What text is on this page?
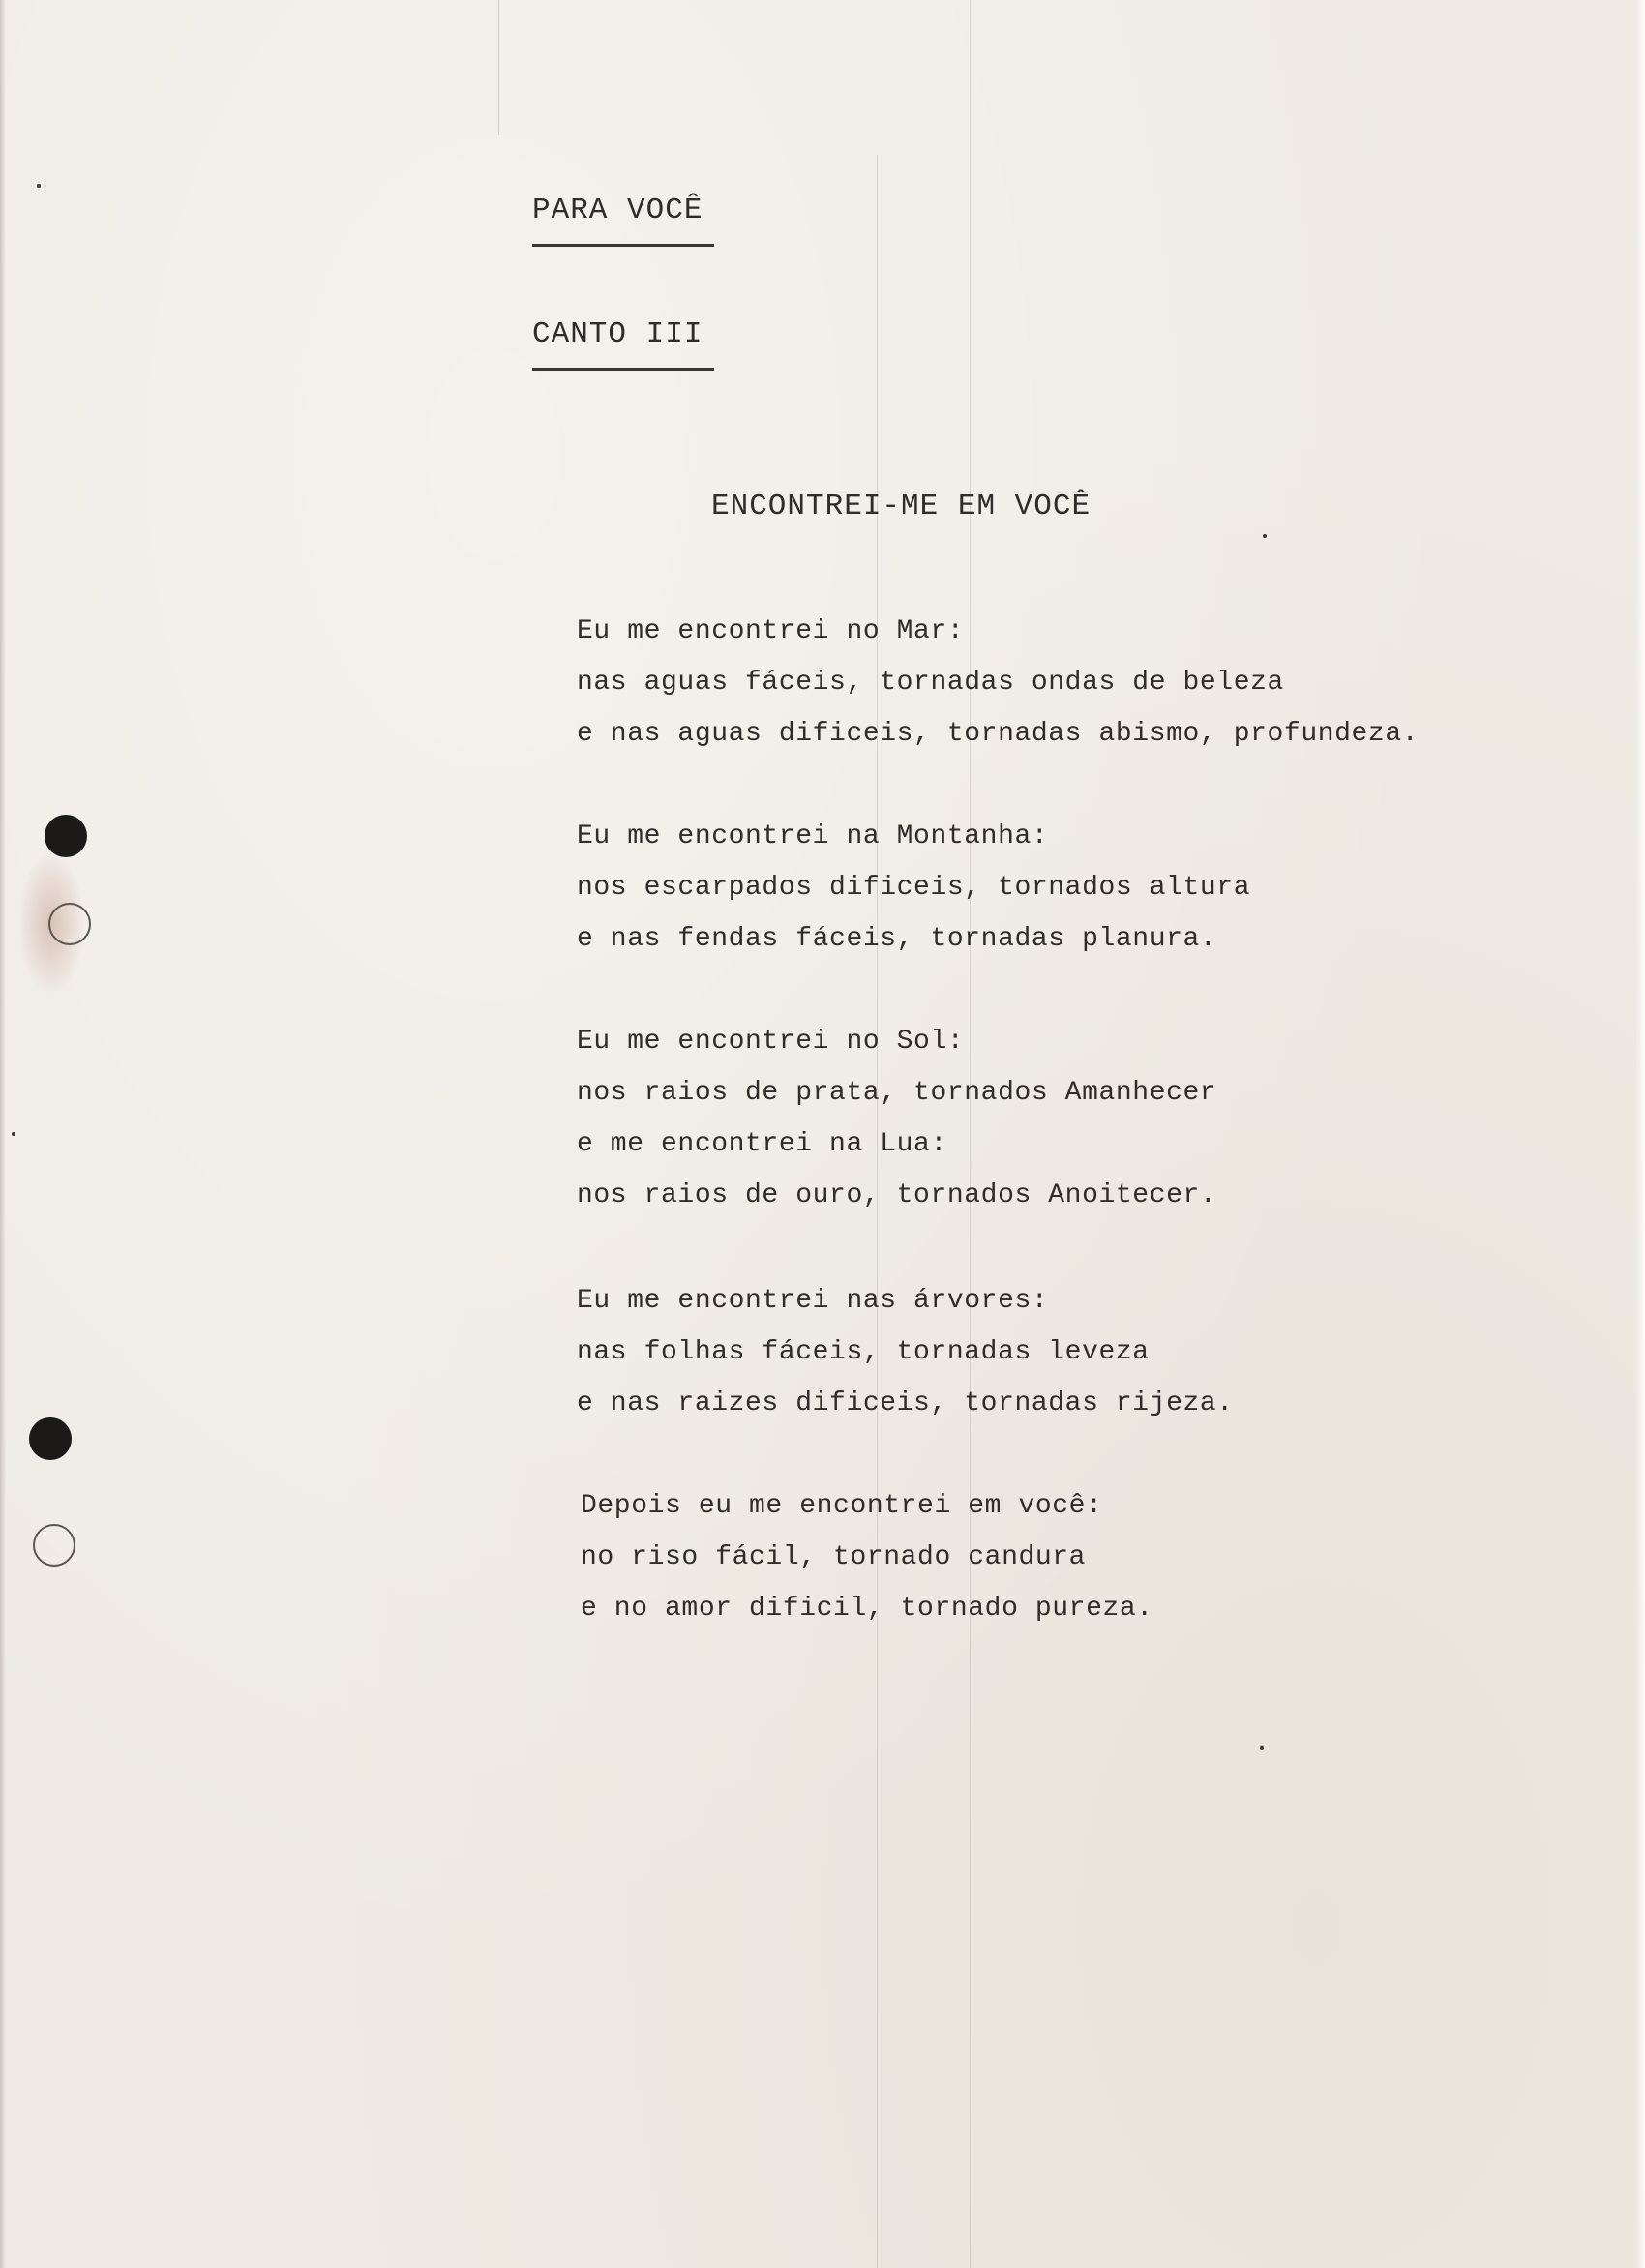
PARA VOCÊ
CANTO III
ENCONTREI-ME EM VOCÊ
Eu me encontrei no Mar:
nas aguas fáceis, tornadas ondas de beleza
e nas aguas dificeis, tornadas abismo, profundeza.
Eu me encontrei na Montanha:
nos escarpados dificeis, tornados altura
e nas fendas fáceis, tornadas planura.
Eu me encontrei no Sol:
nos raios de prata, tornados Amanhecer
e me encontrei na Lua:
nos raios de ouro, tornados Anoitecer.
Eu me encontrei nas árvores:
nas folhas fáceis, tornadas leveza
e nas raizes dificeis, tornadas rijeza.
Depois eu me encontrei em você:
no riso fácil, tornado candura
e no amor dificil, tornado pureza.
